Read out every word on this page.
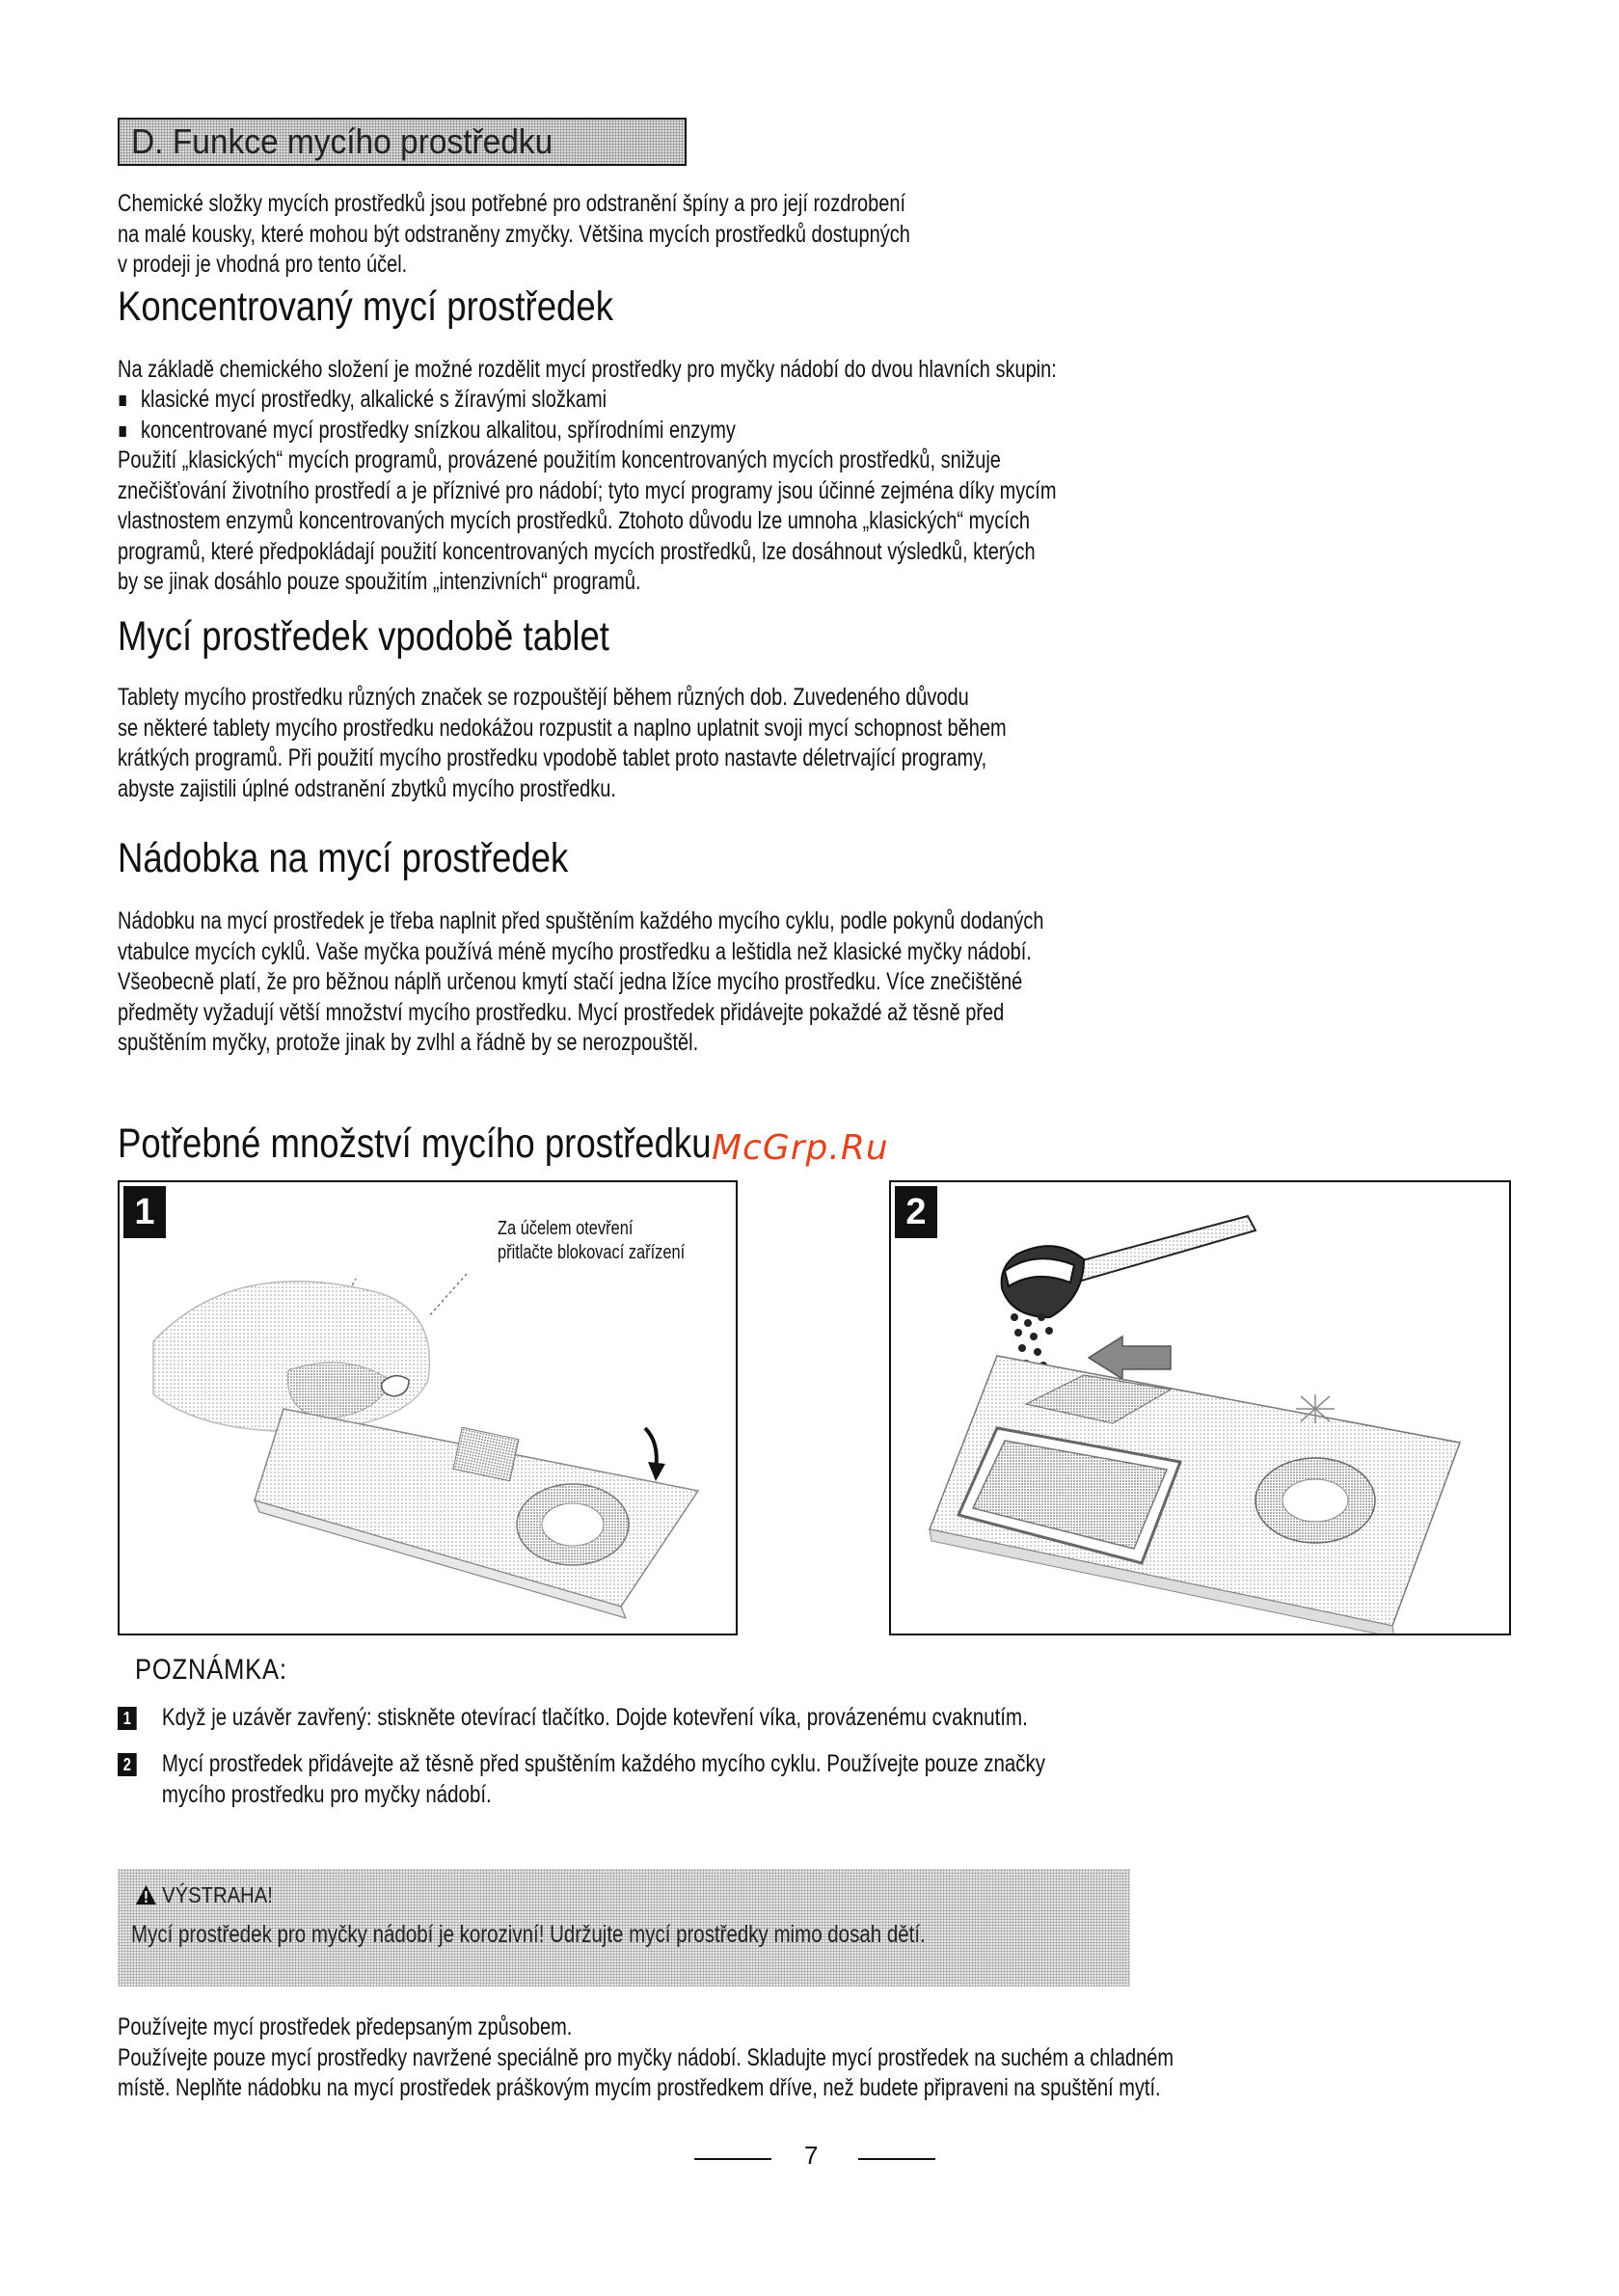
D. Funkce mycího prostředku

Chemické složky mycích prostředků jsou potřebné pro odstranění špíny a pro její rozdrobení
na malé kousky, které mohou být odstraněny zmyčky. Většina mycích prostředků dostupných
v prodeji je vhodná pro tento účel.

Koncentrovaný mycí prostředek

Na základě chemického složení je možné rozdělit mycí prostředky pro myčky nádobí do dvou hlavních skupin:

klasické mycí prostředky, alkalické s žíravými složkami
koncentrované mycí prostředky snízkou alkalitou, spřírodními enzymy

Použití „klasických“ mycích programů, provázené použitím koncentrovaných mycích prostředků, snižuje
znečišťování životního prostředí a je příznivé pro nádobí; tyto mycí programy jsou účinné zejména díky mycím
vlastnostem enzymů koncentrovaných mycích prostředků. Ztohoto důvodu lze umnoha „klasických“ mycích
programů, které předpokládají použití koncentrovaných mycích prostředků, lze dosáhnout výsledků, kterých
by se jinak dosáhlo pouze spoužitím „intenzivních“ programů.

Mycí prostředek vpodobě tablet

Tablety mycího prostředku různých značek se rozpouštějí během různých dob. Zuvedeného důvodu
se některé tablety mycího prostředku nedokážou rozpustit a naplno uplatnit svoji mycí schopnost během
krátkých programů. Při použití mycího prostředku vpodobě tablet proto nastavte déletrvající programy,
abyste zajistili úplné odstranění zbytků mycího prostředku.

Nádobka na mycí prostředek

Nádobku na mycí prostředek je třeba naplnit před spuštěním každého mycího cyklu, podle pokynů dodaných
vtabulce mycích cyklů. Vaše myčka používá méně mycího prostředku a leštidla než klasické myčky nádobí.
Všeobecně platí, že pro běžnou náplň určenou kmytí stačí jedna lžíce mycího prostředku. Více znečištěné
předměty vyžadují větší množství mycího prostředku. Mycí prostředek přidávejte pokaždé až těsně před
spuštěním myčky, protože jinak by zvlhl a řádně by se nerozpouštěl.

Potřebné množství mycího prostředku McGrp.Ru
1	Za účelem otevření
přitlačte blokovací zařízení
2
POZNÁMKA:
1 Když je uzávěr zavřený: stiskněte otevírací tlačítko. Dojde kotevření víka, provázenému cvaknutím.
2 Mycí prostředek přidávejte až těsně před spuštěním každého mycího cyklu. Používejte pouze značky
mycího prostředku pro myčky nádobí.
VÝSTRAHA!
Mycí prostředek pro myčky nádobí je korozivní! Udržujte mycí prostředky mimo dosah dětí.

Používejte mycí prostředek předepsaným způsobem.
Používejte pouze mycí prostředky navržené speciálně pro myčky nádobí. Skladujte mycí prostředek na suchém a chladném
místě. Neplňte nádobku na mycí prostředek práškovým mycím prostředkem dříve, než budete připraveni na spuštění mytí.

7
